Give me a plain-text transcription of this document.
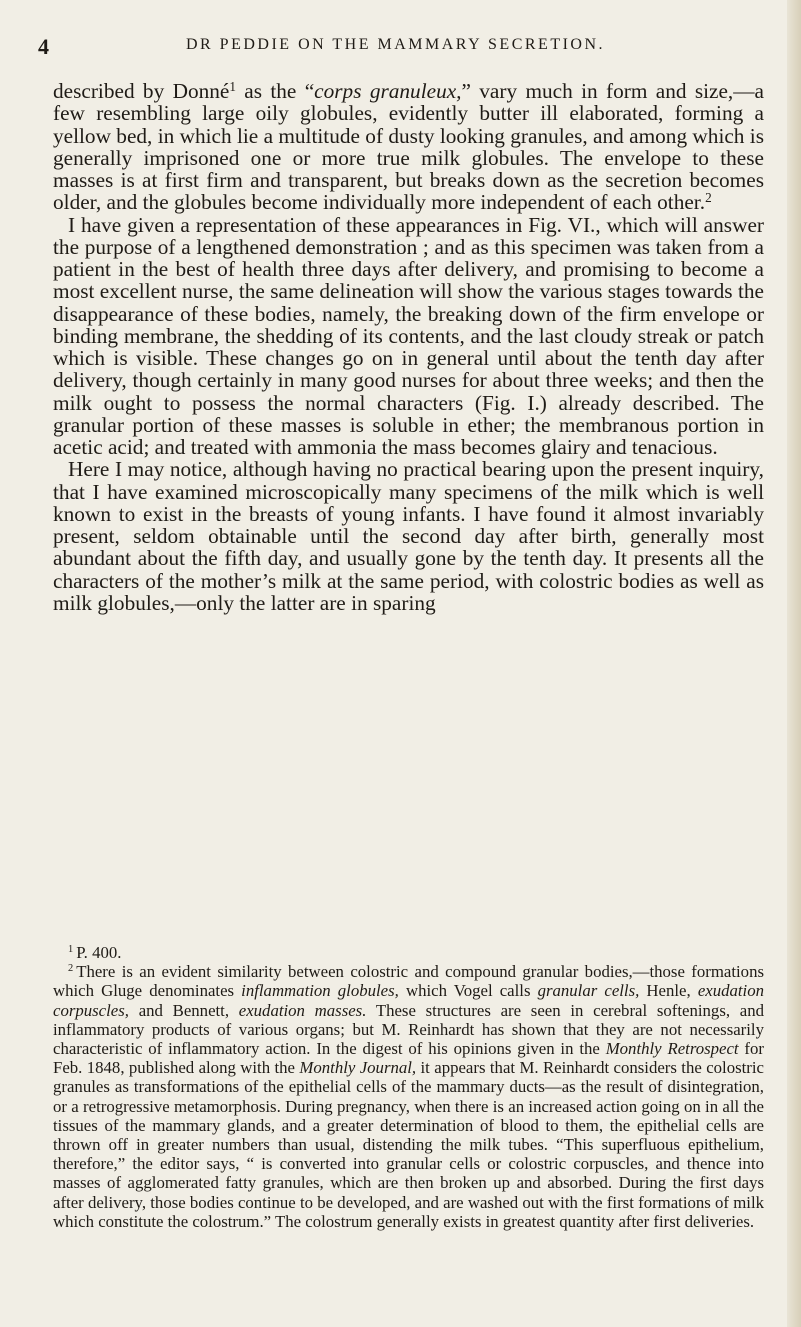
4	DR PEDDIE ON THE MAMMARY SECRETION.

described by Donné$^1$ as the “corps granuleux,” vary much in form and size,—a few resembling large oily globules, evidently butter ill elaborated, forming a yellow bed, in which lie a multitude of dusty looking granules, and among which is generally imprisoned one or more true milk globules. The envelope to these masses is at first firm and transparent, but breaks down as the secretion becomes older, and the globules become individually more independent of each other.$^2$

I have given a representation of these appearances in Fig. VI., which will answer the purpose of a lengthened demonstration ; and as this specimen was taken from a patient in the best of health three days after delivery, and promising to become a most excellent nurse, the same delineation will show the various stages towards the disappearance of these bodies, namely, the breaking down of the firm envelope or binding membrane, the shedding of its contents, and the last cloudy streak or patch which is visible. These changes go on in general until about the tenth day after delivery, though certainly in many good nurses for about three weeks; and then the milk ought to possess the normal characters (Fig. I.) already described. The granular portion of these masses is soluble in ether; the membranous portion in acetic acid; and treated with ammonia the mass becomes glairy and tenacious.

Here I may notice, although having no practical bearing upon the present inquiry, that I have examined microscopically many specimens of the milk which is well known to exist in the breasts of young infants. I have found it almost invariably present, seldom obtainable until the second day after birth, generally most abundant about the fifth day, and usually gone by the tenth day. It presents all the characters of the mother’s milk at the same period, with colostric bodies as well as milk globules,—only the latter are in sparing

$^1$ P. 400.

$^2$ There is an evident similarity between colostric and compound granular bodies,—those formations which Gluge denominates inflammation globules, which Vogel calls granular cells, Henle, exudation corpuscles, and Bennett, exudation masses. These structures are seen in cerebral softenings, and inflammatory products of various organs; but M. Reinhardt has shown that they are not necessarily characteristic of inflammatory action. In the digest of his opinions given in the Monthly Retrospect for Feb. 1848, published along with the Monthly Journal, it appears that M. Reinhardt considers the colostric granules as transformations of the epithelial cells of the mammary ducts—as the result of disintegration, or a retrogressive metamorphosis. During pregnancy, when there is an increased action going on in all the tissues of the mammary glands, and a greater determination of blood to them, the epithelial cells are thrown off in greater numbers than usual, distending the milk tubes. “This superfluous epithelium, therefore,” the editor says, “ is converted into granular cells or colostric corpuscles, and thence into masses of agglomerated fatty granules, which are then broken up and absorbed. During the first days after delivery, those bodies continue to be developed, and are washed out with the first formations of milk which constitute the colostrum.” The colostrum generally exists in greatest quantity after first deliveries.
